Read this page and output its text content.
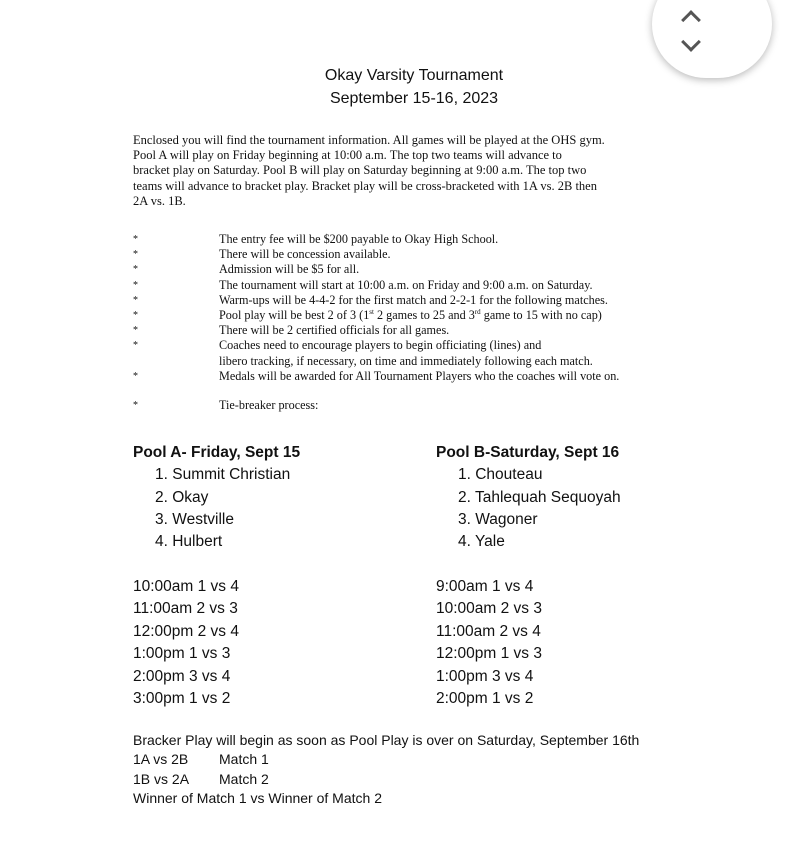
Okay Varsity Tournament
September 15-16, 2023
Enclosed you will find the tournament information. All games will be played at the OHS gym.
Pool A will play on Friday beginning at 10:00 a.m. The top two teams will advance to
bracket play on Saturday. Pool B will play on Saturday beginning at 9:00 a.m. The top two
teams will advance to bracket play. Bracket play will be cross-bracketed with 1A vs. 2B then
2A vs. 1B.
*	The entry fee will be $200 payable to Okay High School.
*	There will be concession available.
*	Admission will be $5 for all.
*	The tournament will start at 10:00 a.m. on Friday and 9:00 a.m. on Saturday.
*	Warm-ups will be 4-4-2 for the first match and 2-2-1 for the following matches.
*	Pool play will be best 2 of 3 (1st 2 games to 25 and 3rd game to 15 with no cap)
*	There will be 2 certified officials for all games.
*	Coaches need to encourage players to begin officiating (lines) and
libero tracking, if necessary, on time and immediately following each match.
*	Medals will be awarded for All Tournament Players who the coaches will vote on.
*	Tie-breaker process:
Pool A- Friday, Sept 15
1. Summit Christian
2. Okay
3. Westville
4. Hulbert
Pool B-Saturday, Sept 16
1. Chouteau
2. Tahlequah Sequoyah
3. Wagoner
4. Yale
10:00am 1 vs 4
11:00am 2 vs 3
12:00pm 2 vs 4
1:00pm 1 vs 3
2:00pm 3 vs 4
3:00pm 1 vs 2
9:00am 1 vs 4
10:00am 2 vs 3
11:00am 2 vs 4
12:00pm 1 vs 3
1:00pm 3 vs 4
2:00pm 1 vs 2
Bracker Play will begin as soon as Pool Play is over on Saturday, September 16th
1A vs 2B Match 1
1B vs 2A Match 2
Winner of Match 1 vs Winner of Match 2
